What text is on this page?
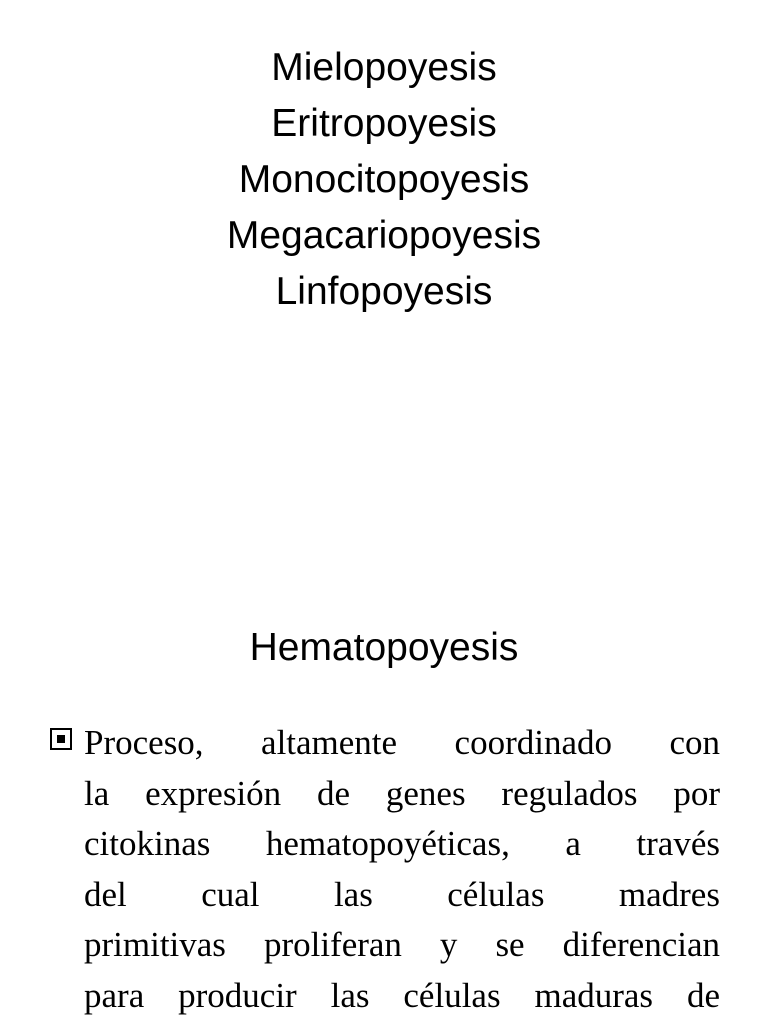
Mielopoyesis
Eritropoyesis
Monocitopoyesis
Megacariopoyesis
Linfopoyesis
Hematopoyesis
Proceso, altamente coordinado con
la expresión de genes regulados por
citokinas hematopoyéticas, a través
del cual las células madres
primitivas proliferan y se diferencian
para producir las células maduras de
